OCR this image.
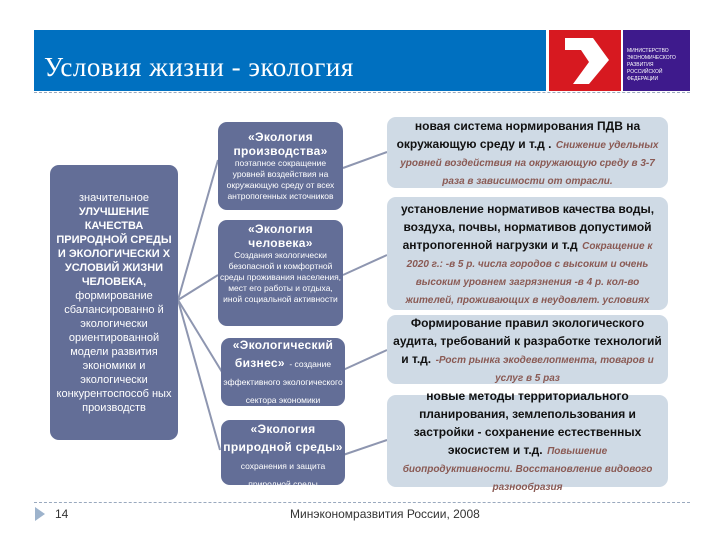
Условия жизни - экология
МИНИСТЕРСТВО ЭКОНОМИЧЕСКОГО РАЗВИТИЯ РОССИЙСКОЙ ФЕДЕРАЦИИ
значительное
УЛУЧШЕНИЕ КАЧЕСТВА ПРИРОДНОЙ СРЕДЫ И ЭКОЛОГИЧЕСКИ Х УСЛОВИЙ ЖИЗНИ ЧЕЛОВЕКА,
формирование сбалансированно й экологически ориентированной модели развития экономики и экологически конкурентоспособ ных производств
«Экология производства»
поэтапное сокращение уровней воздействия на окружающую среду от всех антропогенных источников
«Экология человека»
Создания экологически безопасной и комфортной среды проживания населения, мест его работы и отдыха, иной социальной активности
«Экологический бизнес» - создание эффективного экологического сектора экономики
«Экология природной среды» сохранения и защита природной среды
новая система нормирования ПДВ на окружающую среду и т.д . Снижение удельных уровней воздействия на окружающую среду в 3-7 раза в зависимости от отрасли.
установление нормативов качества воды, воздуха, почвы, нормативов допустимой антропогенной нагрузки и т.д Сокращение к 2020 г.: -в 5 р. числа городов с высоким и очень высоким уровнем загрязнения -в 4 р. кол-во жителей, проживающих в неудовлет. условиях
Формирование правил экологического аудита, требований к разработке технологий и т.д. -Рост рынка экодевелопмента, товаров и услуг в 5 раз
новые методы территориального планирования, землепользования и застройки - сохранение естественных экосистем и т.д. Повышение биопродуктивности. Восстановление видового разнообразия
14	Минэкономразвития России, 2008
